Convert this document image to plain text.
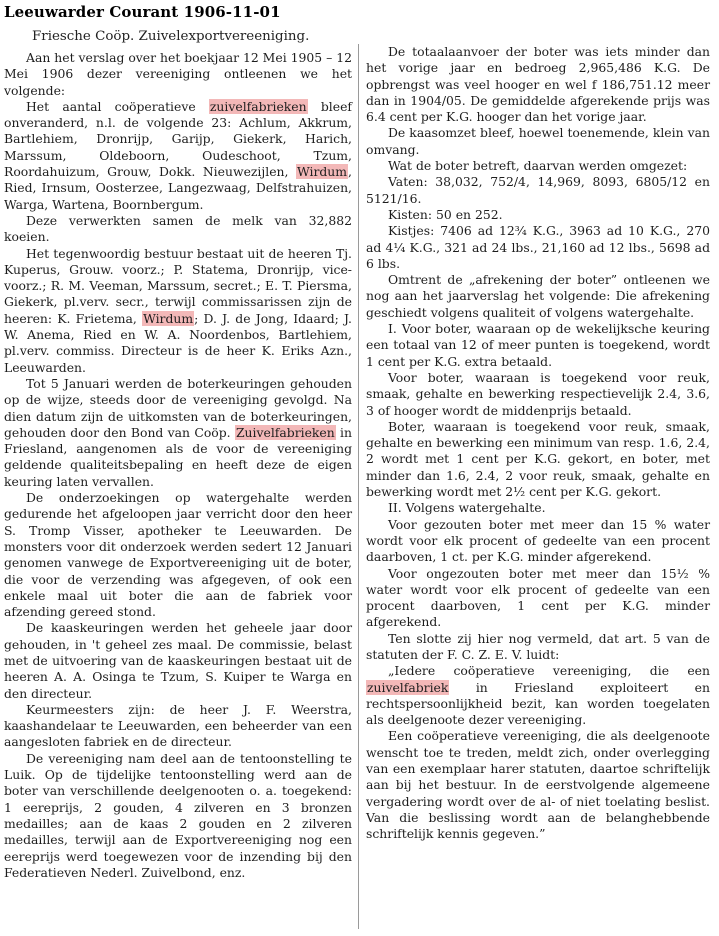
Leeuwarder Courant 1906-11-01
Friesche Coöp. Zuivelexportvereeniging.

Aan het verslag over het boekjaar 12 Mei 1905 – 12 Mei 1906 dezer vereeniging ontleenen we het volgende:

Het aantal coöperatieve zuivelfabrieken bleef onveranderd, n.l. de volgende 23: Achlum, Akkrum, Bartlehiem, Dronrijp, Garijp, Giekerk, Harich, Marssum, Oldeboorn, Oudeschoot, Tzum, Roordahuizum, Grouw, Dokk. Nieuwezijlen, Wirdum, Ried, Irnsum, Oosterzee, Langezwaag, Delfstrahuizen, Warga, Wartena, Boornbergum.

Deze verwerkten samen de melk van 32,882 koeien.

Het tegenwoordig bestuur bestaat uit de heeren Tj. Kuperus, Grouw. voorz.; P. Statema, Dronrijp, vice-voorz.; R. M. Veeman, Marssum, secret.; E. T. Piersma, Giekerk, pl.verv. secr., terwijl commissarissen zijn de heeren: K. Frietema, Wirdum; D. J. de Jong, Idaard; J. W. Anema, Ried en W. A. Noordenbos, Bartlehiem, pl.verv. commiss. Directeur is de heer K. Eriks Azn., Leeuwarden.

Tot 5 Januari werden de boterkeuringen gehouden op de wijze, steeds door de vereeniging gevolgd. Na dien datum zijn de uitkomsten van de boterkeuringen, gehouden door den Bond van Coöp. Zuivelfabrieken in Friesland, aangenomen als de voor de vereeniging geldende qualiteitsbepaling en heeft deze de eigen keuring laten vervallen.

De onderzoekingen op watergehalte werden gedurende het afgeloopen jaar verricht door den heer S. Tromp Visser, apotheker te Leeuwarden. De monsters voor dit onderzoek werden sedert 12 Januari genomen vanwege de Exportvereeniging uit de boter, die voor de verzending was afgegeven, of ook een enkele maal uit boter die aan de fabriek voor afzending gereed stond.

De kaaskeuringen werden het geheele jaar door gehouden, in 't geheel zes maal. De commissie, belast met de uitvoering van de kaaskeuringen bestaat uit de heeren A. A. Osinga te Tzum, S. Kuiper te Warga en den directeur.

Keurmeesters zijn: de heer J. F. Weerstra, kaashandelaar te Leeuwarden, een beheerder van een aangesloten fabriek en de directeur.

De vereeniging nam deel aan de tentoonstelling te Luik. Op de tijdelijke tentoonstelling werd aan de boter van verschillende deelgenooten o. a. toegekend: 1 eereprijs, 2 gouden, 4 zilveren en 3 bronzen medailles; aan de kaas 2 gouden en 2 zilveren medailles, terwijl aan de Exportvereeniging nog een eereprijs werd toegewezen voor de inzending bij den Federatieven Nederl. Zuivelbond, enz.

De totaalaanvoer der boter was iets minder dan het vorige jaar en bedroeg 2,965,486 K.G. De opbrengst was veel hooger en wel f 186,751.12 meer dan in 1904/05. De gemiddelde afgerekende prijs was 6.4 cent per K.G. hooger dan het vorige jaar.

De kaasomzet bleef, hoewel toenemende, klein van omvang.

Wat de boter betreft, daarvan werden omgezet:

Vaten: 38,032, 752/4, 14,969, 8093, 6805/12 en 5121/16.

Kisten: 50 en 252.

Kistjes: 7406 ad 12¾ K.G., 3963 ad 10 K.G., 270 ad 4¼ K.G., 321 ad 24 lbs., 21,160 ad 12 lbs., 5698 ad 6 lbs.

Omtrent de „afrekening der boter” ontleenen we nog aan het jaarverslag het volgende: Die afrekening geschiedt volgens qualiteit of volgens watergehalte.

I. Voor boter, waaraan op de wekelijksche keuring een totaal van 12 of meer punten is toegekend, wordt 1 cent per K.G. extra betaald.

Voor boter, waaraan is toegekend voor reuk, smaak, gehalte en bewerking respectievelijk 2.4, 3.6, 3 of hooger wordt de middenprijs betaald.

Boter, waaraan is toegekend voor reuk, smaak, gehalte en bewerking een minimum van resp. 1.6, 2.4, 2 wordt met 1 cent per K.G. gekort, en boter, met minder dan 1.6, 2.4, 2 voor reuk, smaak, gehalte en bewerking wordt met 2½ cent per K.G. gekort.

II. Volgens watergehalte.

Voor gezouten boter met meer dan 15 % water wordt voor elk procent of gedeelte van een procent daarboven, 1 ct. per K.G. minder afgerekend.

Voor ongezouten boter met meer dan 15½ % water wordt voor elk procent of gedeelte van een procent daarboven, 1 cent per K.G. minder afgerekend.

Ten slotte zij hier nog vermeld, dat art. 5 van de statuten der F. C. Z. E. V. luidt:

„Iedere coöperatieve vereeniging, die een zuivelfabriek in Friesland exploiteert en rechtspersoonlijkheid bezit, kan worden toegelaten als deelgenoote dezer vereeniging.

Een coöperatieve vereeniging, die als deelgenoote wenscht toe te treden, meldt zich, onder overlegging van een exemplaar harer statuten, daartoe schriftelijk aan bij het bestuur. In de eerstvolgende algemeene vergadering wordt over de al- of niet toelating beslist. Van die beslissing wordt aan de belanghebbende schriftelijk kennis gegeven.”
